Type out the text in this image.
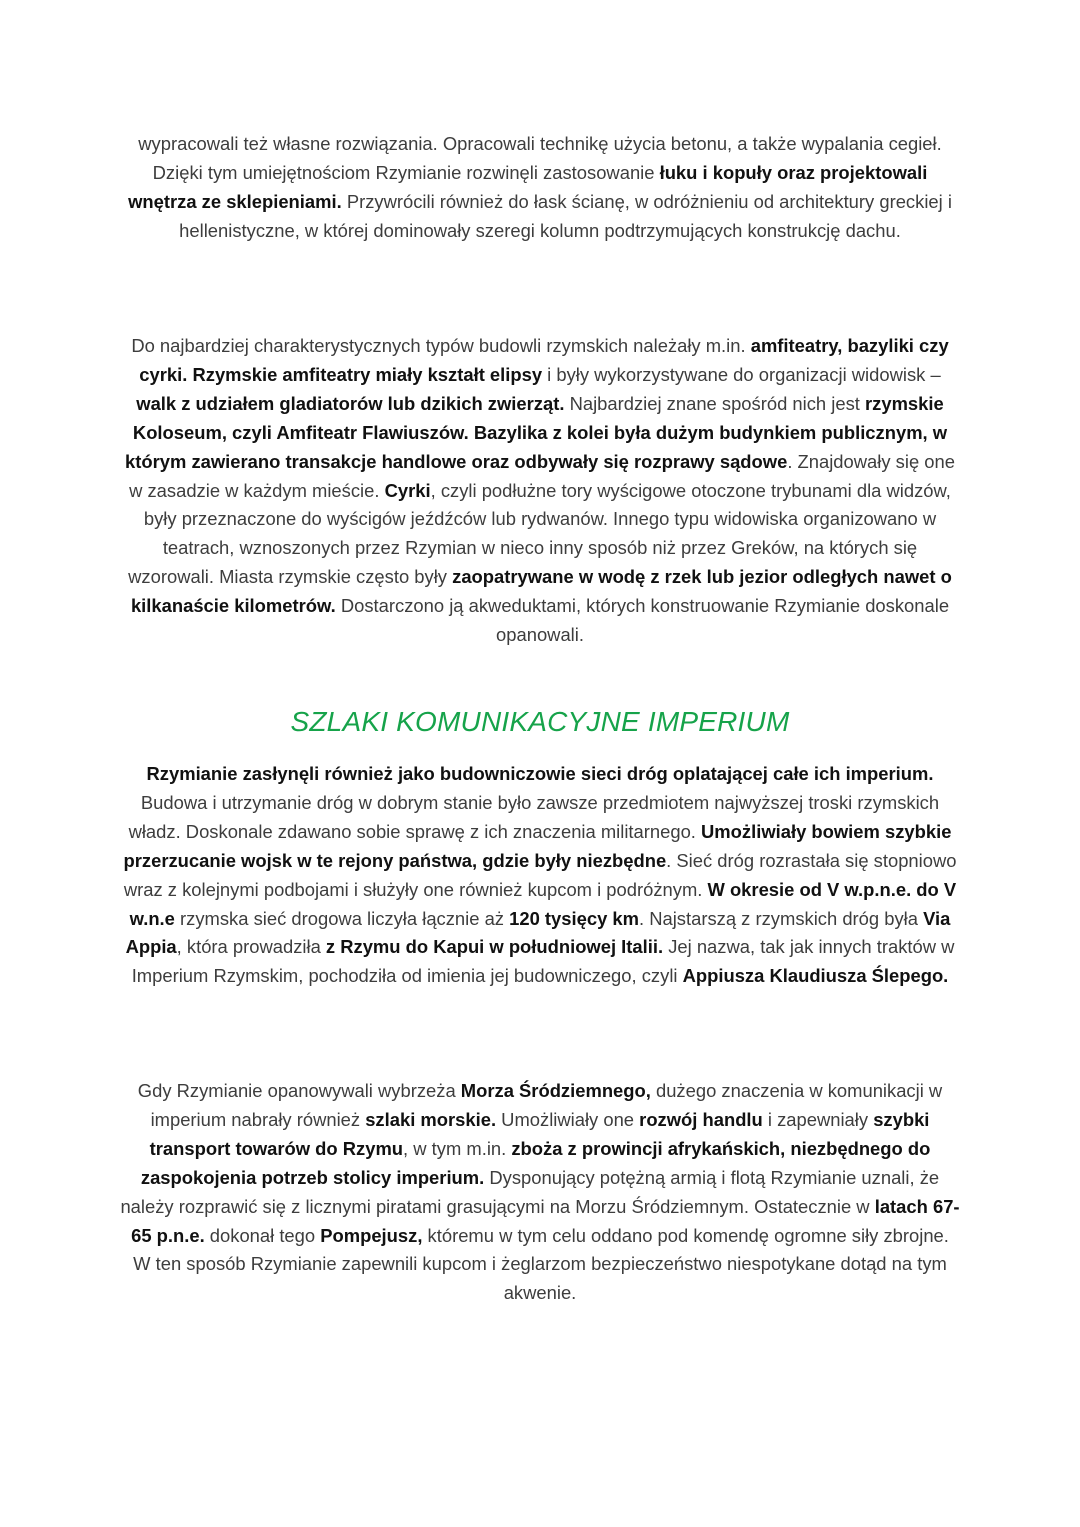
wypracowali też własne rozwiązania. Opracowali technikę użycia betonu, a także wypalania cegieł. Dzięki tym umiejętnościom Rzymianie rozwinęli zastosowanie łuku i kopuły oraz projektowali wnętrza ze sklepieniami. Przywrócili również do łask ścianę, w odróżnieniu od architektury greckiej i hellenistyczne, w której dominowały szeregi kolumn podtrzymujących konstrukcję dachu.

Do najbardziej charakterystycznych typów budowli rzymskich należały m.in. amfiteatry, bazyliki czy cyrki. Rzymskie amfiteatry miały kształt elipsy i były wykorzystywane do organizacji widowisk – walk z udziałem gladiatorów lub dzikich zwierząt. Najbardziej znane spośród nich jest rzymskie Koloseum, czyli Amfiteatr Flawiuszów. Bazylika z kolei była dużym budynkiem publicznym, w którym zawierano transakcje handlowe oraz odbywały się rozprawy sądowe. Znajdowały się one w zasadzie w każdym mieście. Cyrki, czyli podłużne tory wyścigowe otoczone trybunami dla widzów, były przeznaczone do wyścigów jeźdźców lub rydwanów. Innego typu widowiska organizowano w teatrach, wznoszonych przez Rzymian w nieco inny sposób niż przez Greków, na których się wzorowali. Miasta rzymskie często były zaopatrywane w wodę z rzek lub jezior odległych nawet o kilkanaście kilometrów. Dostarczono ją akweduktami, których konstruowanie Rzymianie doskonale opanowali.

SZLAKI KOMUNIKACYJNE IMPERIUM

Rzymianie zasłynęli również jako budowniczowie sieci dróg oplatającej całe ich imperium. Budowa i utrzymanie dróg w dobrym stanie było zawsze przedmiotem najwyższej troski rzymskich władz. Doskonale zdawano sobie sprawę z ich znaczenia militarnego. Umożliwiały bowiem szybkie przerzucanie wojsk w te rejony państwa, gdzie były niezbędne. Sieć dróg rozrastała się stopniowo wraz z kolejnymi podbojami i służyły one również kupcom i podróżnym. W okresie od V w.p.n.e. do V w.n.e rzymska sieć drogowa liczyła łącznie aż 120 tysięcy km. Najstarszą z rzymskich dróg była Via Appia, która prowadziła z Rzymu do Kapui w południowej Italii. Jej nazwa, tak jak innych traktów w Imperium Rzymskim, pochodziła od imienia jej budowniczego, czyli Appiusza Klaudiusza Ślepego.

Gdy Rzymianie opanowywali wybrzeża Morza Śródziemnego, dużego znaczenia w komunikacji w imperium nabrały również szlaki morskie. Umożliwiały one rozwój handlu i zapewniały szybki transport towarów do Rzymu, w tym m.in. zboża z prowincji afrykańskich, niezbędnego do zaspokojenia potrzeb stolicy imperium. Dysponujący potężną armią i flotą Rzymianie uznali, że należy rozprawić się z licznymi piratami grasującymi na Morzu Śródziemnym. Ostatecznie w latach 67-65 p.n.e. dokonał tego Pompejusz, któremu w tym celu oddano pod komendę ogromne siły zbrojne. W ten sposób Rzymianie zapewnili kupcom i żeglarzom bezpieczeństwo niespotykane dotąd na tym akwenie.
